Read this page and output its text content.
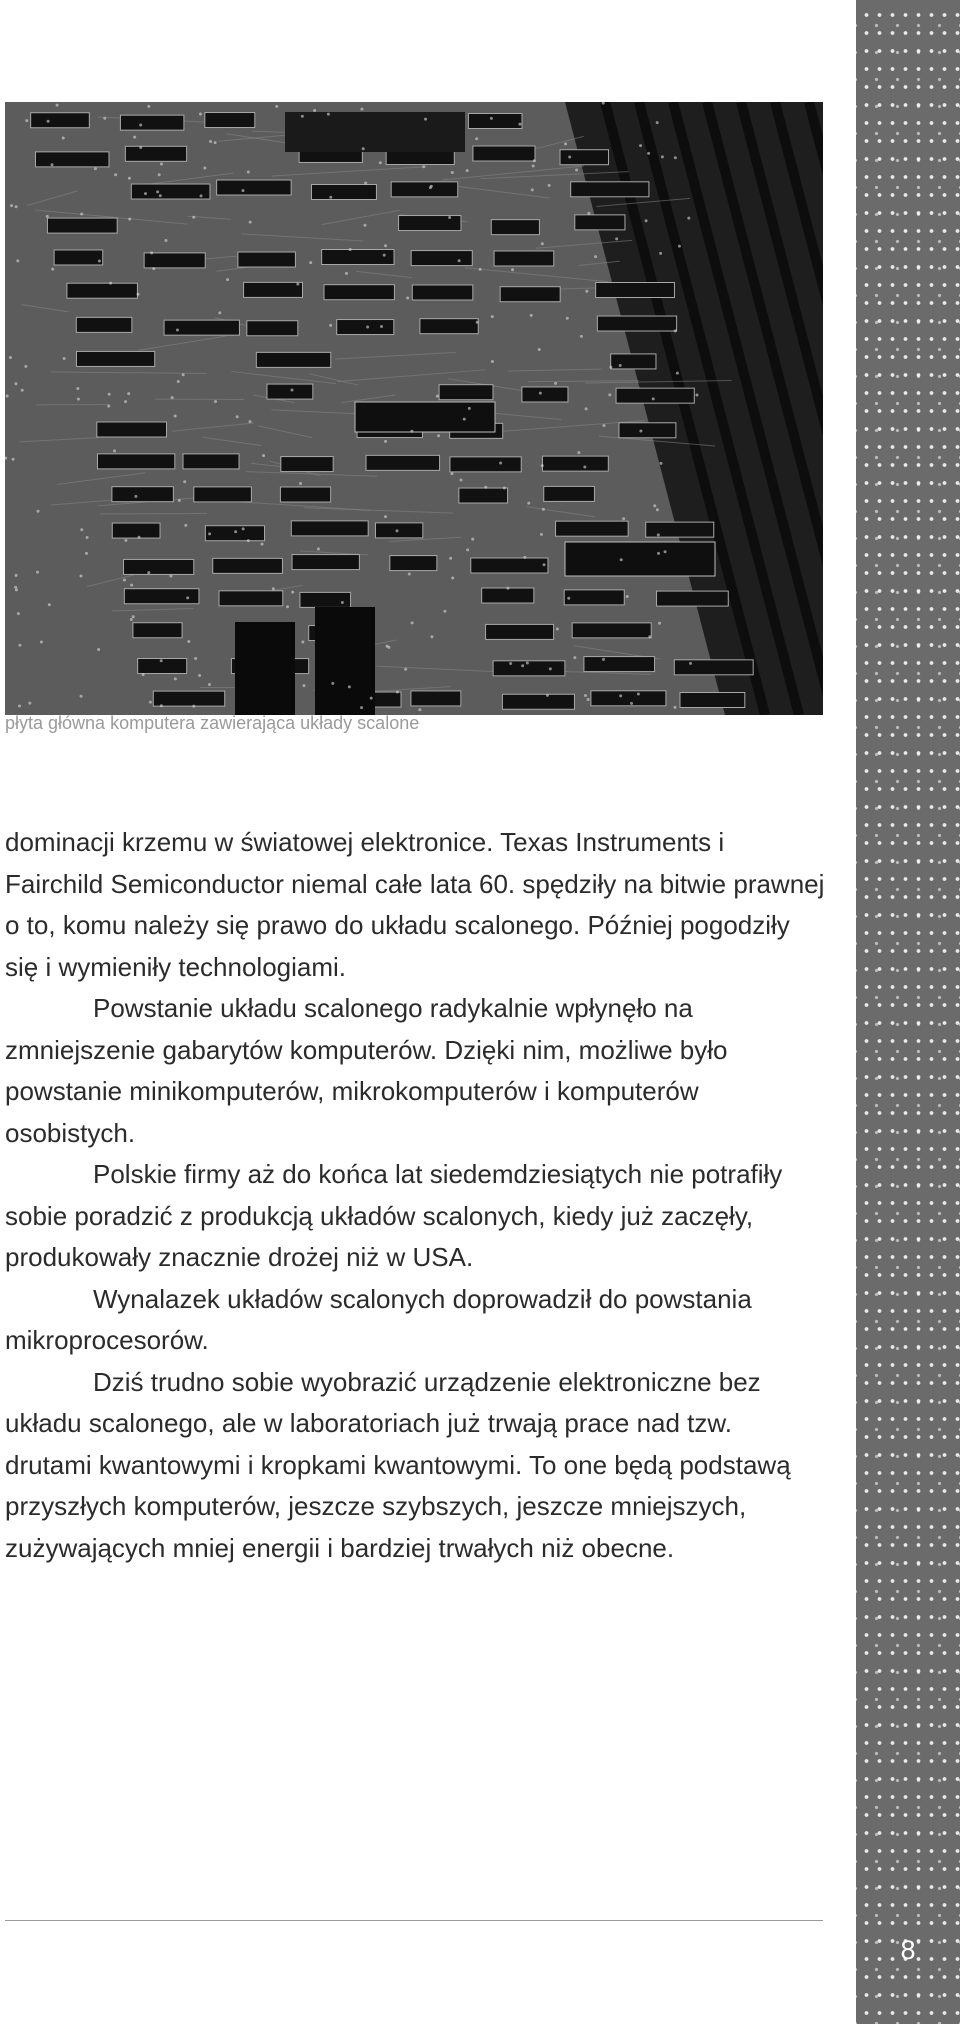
płyta główna komputera zawierająca układy scalone

dominacji krzemu w światowej elektronice. Texas Instruments i Fairchild Semiconductor niemal całe lata 60. spędziły na bitwie prawnej o to, komu należy się prawo do układu scalonego. Później pogodziły się i wymieniły technologiami.

Powstanie układu scalonego radykalnie wpłynęło na zmniejszenie gabarytów komputerów. Dzięki nim, możliwe było powstanie minikomputerów, mikrokomputerów i komputerów osobistych.

Polskie firmy aż do końca lat siedemdziesiątych nie potrafiły sobie poradzić z produkcją układów scalonych, kiedy już zaczęły, produkowały znacznie drożej niż w USA.

Wynalazek układów scalonych doprowadził do powstania mikroprocesorów.

Dziś trudno sobie wyobrazić urządzenie elektroniczne bez układu scalonego, ale w laboratoriach już trwają prace nad tzw. drutami kwantowymi i kropkami kwantowymi. To one będą podstawą przyszłych komputerów, jeszcze szybszych, jeszcze mniejszych, zużywających mniej energii i bardziej trwałych niż obecne.

8
